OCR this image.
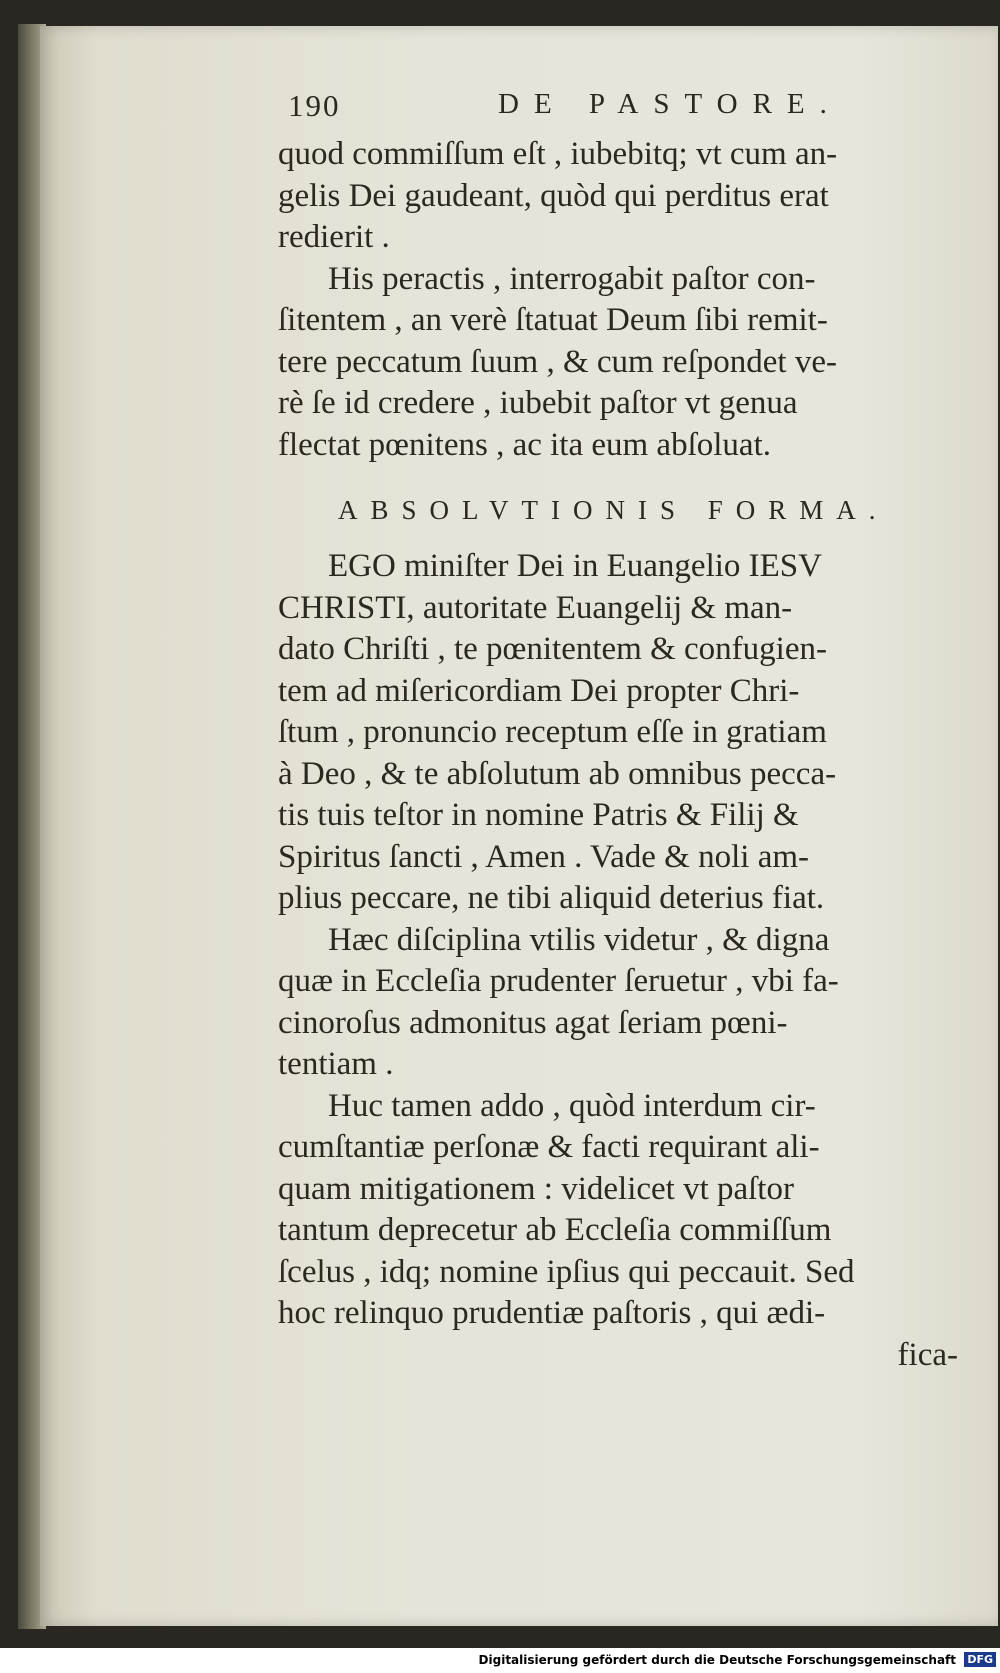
190	DE PASTORE.
quod commiſſum eſt , iubebitq; vt cum an-
gelis Dei gaudeant, quòd qui perditus erat
redierit .
His peractis , interrogabit paſtor con-
ſitentem , an verè ſtatuat Deum ſibi remit-
tere peccatum ſuum , & cum reſpondet ve-
rè ſe id credere , iubebit paſtor vt genua
flectat pœnitens , ac ita eum abſoluat.
ABSOLVTIONIS FORMA.
EGO miniſter Dei in Euangelio IESV
CHRISTI, autoritate Euangelij & man-
dato Chriſti , te pœnitentem & confugien-
tem ad miſericordiam Dei propter Chri-
ſtum , pronuncio receptum eſſe in gratiam
à Deo , & te abſolutum ab omnibus pecca-
tis tuis teſtor in nomine Patris & Filij &
Spiritus ſancti , Amen . Vade & noli am-
plius peccare, ne tibi aliquid deterius fiat.
Hæc diſciplina vtilis videtur , & digna
quæ in Eccleſia prudenter ſeruetur , vbi fa-
cinoroſus admonitus agat ſeriam pœni-
tentiam .
Huc tamen addo , quòd interdum cir-
cumſtantiæ perſonæ & facti requirant ali-
quam mitigationem : videlicet vt paſtor
tantum deprecetur ab Eccleſia commiſſum
ſcelus , idq; nomine ipſius qui peccauit. Sed
hoc relinquo prudentiæ paſtoris , qui ædi-
fica-
Digitalisierung gefördert durch die Deutsche Forschungsgemeinschaft DFG
